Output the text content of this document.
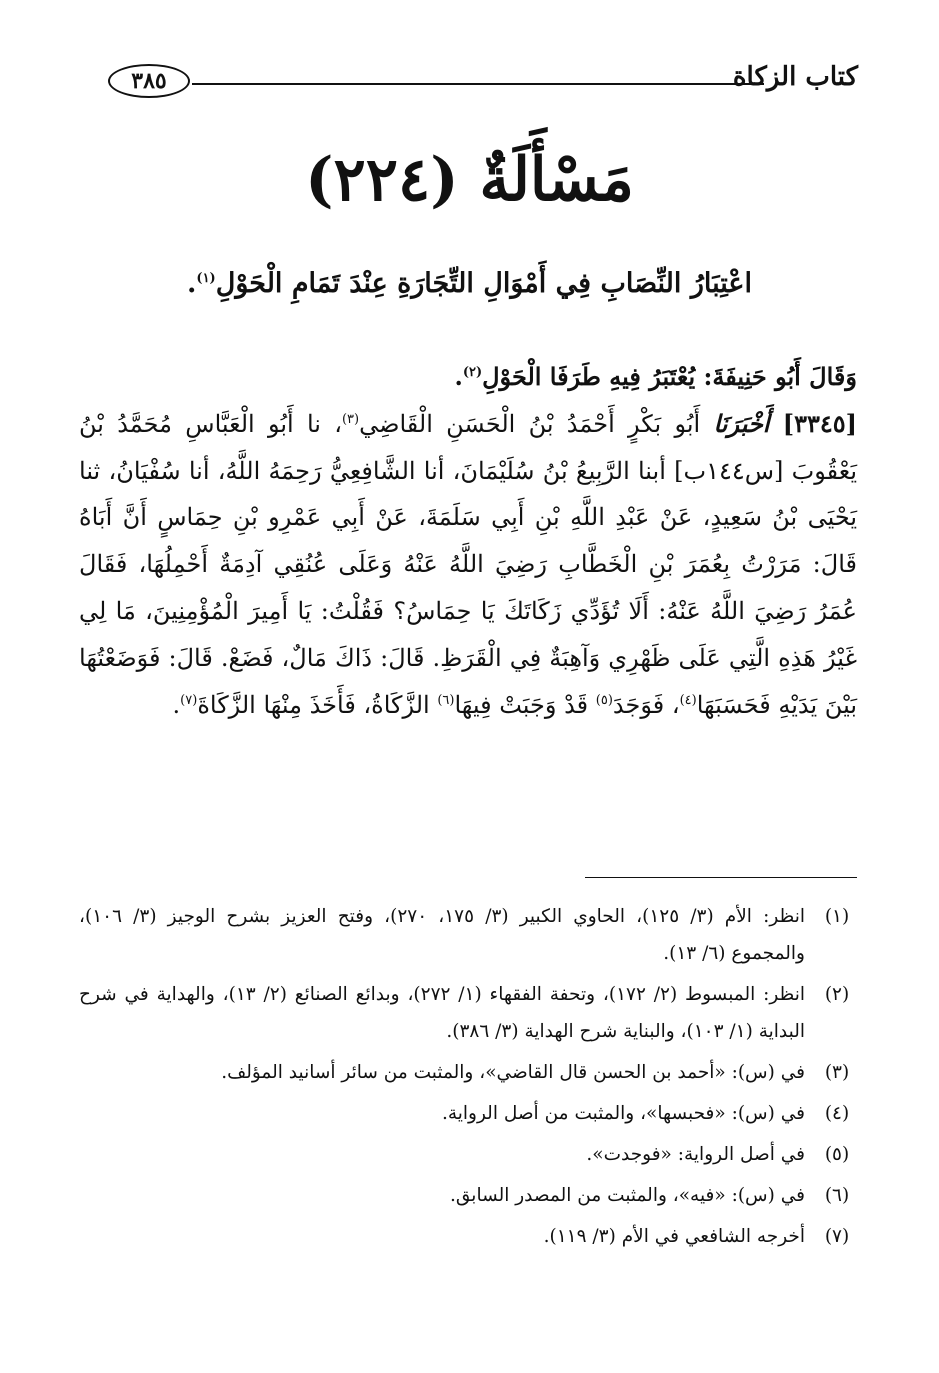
٣٨٥	كتاب الزكاة
مَسْأَلَةٌ (٢٢٤)
اعْتِبَارُ النِّصَابِ فِي أَمْوَالِ التِّجَارَةِ عِنْدَ تَمَامِ الْحَوْلِ$^{(١)}$.

وَقَالَ أَبُو حَنِيفَةَ: يُعْتَبَرُ فِيهِ طَرَفَا الْحَوْلِ$^{(٢)}$.

[٣٣٤٥] أَخْبَرَنَا أَبُو بَكْرٍ أَحْمَدُ بْنُ الْحَسَنِ الْقَاضِي$^{(٣)}$، نا أَبُو الْعَبَّاسِ مُحَمَّدُ بْنُ يَعْقُوبَ [س١٤٤ب] أبنا الرَّبِيعُ بْنُ سُلَيْمَانَ، أنا الشَّافِعِيُّ رَحِمَهُ اللَّهُ، أنا سُفْيَانُ، ثنا يَحْيَى بْنُ سَعِيدٍ، عَنْ عَبْدِ اللَّهِ بْنِ أَبِي سَلَمَةَ، عَنْ أَبِي عَمْرِو بْنِ حِمَاسٍ أَنَّ أَبَاهُ قَالَ: مَرَرْتُ بِعُمَرَ بْنِ الْخَطَّابِ رَضِيَ اللَّهُ عَنْهُ وَعَلَى عُنُقِي آدِمَةٌ أَحْمِلُهَا، فَقَالَ عُمَرُ رَضِيَ اللَّهُ عَنْهُ: أَلَا تُؤَدِّي زَكَاتَكَ يَا حِمَاسُ؟ فَقُلْتُ: يَا أَمِيرَ الْمُؤْمِنِينَ، مَا لِي غَيْرُ هَذِهِ الَّتِي عَلَى ظَهْرِي وَآهِبَةٌ فِي الْقَرَظِ. قَالَ: ذَاكَ مَالٌ، فَضَعْ. قَالَ: فَوَضَعْتُهَا بَيْنَ يَدَيْهِ فَحَسَبَهَا$^{(٤)}$، فَوَجَدَ$^{(٥)}$ قَدْ وَجَبَتْ فِيهَا$^{(٦)}$ الزَّكَاةُ، فَأَخَذَ مِنْهَا الزَّكَاةَ$^{(٧)}$.

(١)
انظر: الأم (٣/ ١٢٥)، الحاوي الكبير (٣/ ١٧٥، ٢٧٠)، وفتح العزيز بشرح الوجيز (٣/ ١٠٦)، والمجموع (٦/ ١٣).
(٢)
انظر: المبسوط (٢/ ١٧٢)، وتحفة الفقهاء (١/ ٢٧٢)، وبدائع الصنائع (٢/ ١٣)، والهداية في شرح البداية (١/ ١٠٣)، والبناية شرح الهداية (٣/ ٣٨٦).
(٣)
في (س): «أحمد بن الحسن قال القاضي»، والمثبت من سائر أسانيد المؤلف.
(٤)
في (س): «فحبسها»، والمثبت من أصل الرواية.
(٥)
في أصل الرواية: «فوجدت».
(٦)
في (س): «فيه»، والمثبت من المصدر السابق.
(٧)
أخرجه الشافعي في الأم (٣/ ١١٩).
